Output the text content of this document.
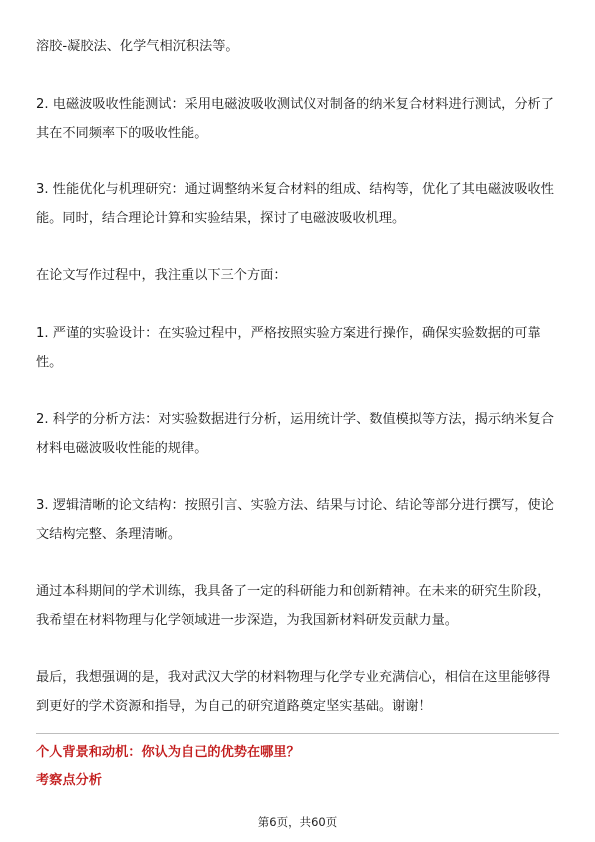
溶胶-凝胶法、化学气相沉积法等。

2. 电磁波吸收性能测试：采用电磁波吸收测试仪对制备的纳米复合材料进行测试，分析了其在不同频率下的吸收性能。

3. 性能优化与机理研究：通过调整纳米复合材料的组成、结构等，优化了其电磁波吸收性能。同时，结合理论计算和实验结果，探讨了电磁波吸收机理。

在论文写作过程中，我注重以下三个方面：

1. 严谨的实验设计：在实验过程中，严格按照实验方案进行操作，确保实验数据的可靠性。

2. 科学的分析方法：对实验数据进行分析，运用统计学、数值模拟等方法，揭示纳米复合材料电磁波吸收性能的规律。

3. 逻辑清晰的论文结构：按照引言、实验方法、结果与讨论、结论等部分进行撰写，使论文结构完整、条理清晰。

通过本科期间的学术训练，我具备了一定的科研能力和创新精神。在未来的研究生阶段，我希望在材料物理与化学领域进一步深造，为我国新材料研发贡献力量。

最后，我想强调的是，我对武汉大学的材料物理与化学专业充满信心，相信在这里能够得到更好的学术资源和指导，为自己的研究道路奠定坚实基础。谢谢！

个人背景和动机：你认为自己的优势在哪里？

考察点分析

第6页，共60页
